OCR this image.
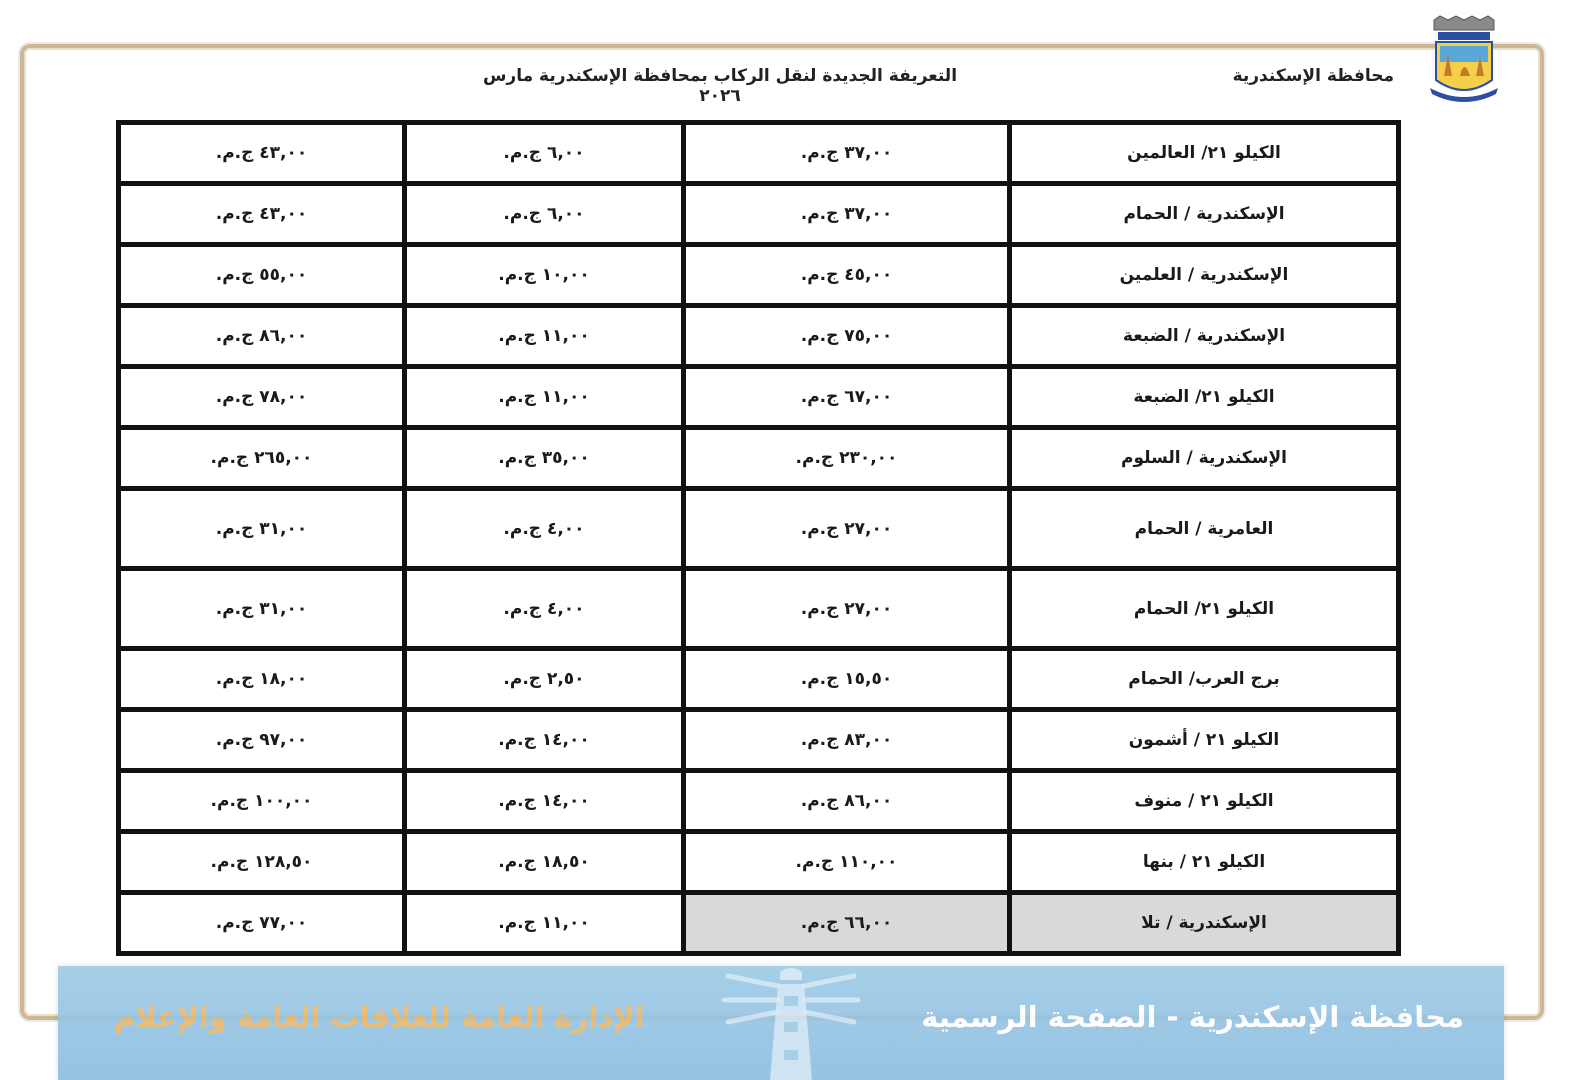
محافظة الإسكندرية
التعريفة الجديدة لنقل الركاب بمحافظة الإسكندرية مارس ٢٠٢٦
الكيلو ٢١/ العالمين	٣٧,٠٠ ج.م.	٦,٠٠ ج.م.	٤٣,٠٠ ج.م.
الإسكندرية / الحمام	٣٧,٠٠ ج.م.	٦,٠٠ ج.م.	٤٣,٠٠ ج.م.
الإسكندرية / العلمين	٤٥,٠٠ ج.م.	١٠,٠٠ ج.م.	٥٥,٠٠ ج.م.
الإسكندرية / الضبعة	٧٥,٠٠ ج.م.	١١,٠٠ ج.م.	٨٦,٠٠ ج.م.
الكيلو ٢١/ الضبعة	٦٧,٠٠ ج.م.	١١,٠٠ ج.م.	٧٨,٠٠ ج.م.
الإسكندرية / السلوم	٢٣٠,٠٠ ج.م.	٣٥,٠٠ ج.م.	٢٦٥,٠٠ ج.م.
العامرية / الحمام	٢٧,٠٠ ج.م.	٤,٠٠ ج.م.	٣١,٠٠ ج.م.
الكيلو ٢١/ الحمام	٢٧,٠٠ ج.م.	٤,٠٠ ج.م.	٣١,٠٠ ج.م.
برج العرب/ الحمام	١٥,٥٠ ج.م.	٢,٥٠ ج.م.	١٨,٠٠ ج.م.
الكيلو ٢١ / أشمون	٨٣,٠٠ ج.م.	١٤,٠٠ ج.م.	٩٧,٠٠ ج.م.
الكيلو ٢١ / منوف	٨٦,٠٠ ج.م.	١٤,٠٠ ج.م.	١٠٠,٠٠ ج.م.
الكيلو ٢١ / بنها	١١٠,٠٠ ج.م.	١٨,٥٠ ج.م.	١٢٨,٥٠ ج.م.
الإسكندرية / تلا	٦٦,٠٠ ج.م.	١١,٠٠ ج.م.	٧٧,٠٠ ج.م.
الإدارة العامة للعلاقات العامة والإعلام	محافظة الإسكندرية - الصفحة الرسمية
